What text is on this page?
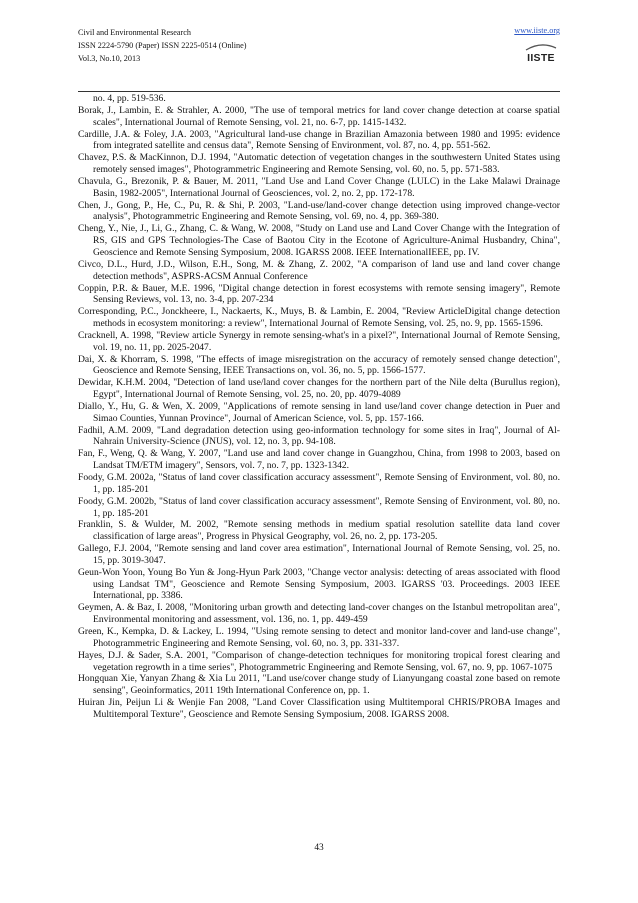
Civil and Environmental Research
ISSN 2224-5790 (Paper) ISSN 2225-0514 (Online)
Vol.3, No.10, 2013
www.iiste.org
IISTE

no. 4, pp. 519-536.

Borak, J., Lambin, E. & Strahler, A. 2000, "The use of temporal metrics for land cover change detection at coarse spatial scales", International Journal of Remote Sensing, vol. 21, no. 6-7, pp. 1415-1432.

Cardille, J.A. & Foley, J.A. 2003, "Agricultural land-use change in Brazilian Amazonia between 1980 and 1995: evidence from integrated satellite and census data", Remote Sensing of Environment, vol. 87, no. 4, pp. 551-562.

Chavez, P.S. & MacKinnon, D.J. 1994, "Automatic detection of vegetation changes in the southwestern United States using remotely sensed images", Photogrammetric Engineering and Remote Sensing, vol. 60, no. 5, pp. 571-583.

Chavula, G., Brezonik, P. & Bauer, M. 2011, "Land Use and Land Cover Change (LULC) in the Lake Malawi Drainage Basin, 1982-2005", International Journal of Geosciences, vol. 2, no. 2, pp. 172-178.

Chen, J., Gong, P., He, C., Pu, R. & Shi, P. 2003, "Land-use/land-cover change detection using improved change-vector analysis", Photogrammetric Engineering and Remote Sensing, vol. 69, no. 4, pp. 369-380.

Cheng, Y., Nie, J., Li, G., Zhang, C. & Wang, W. 2008, "Study on Land use and Land Cover Change with the Integration of RS, GIS and GPS Technologies-The Case of Baotou City in the Ecotone of Agriculture-Animal Husbandry, China", Geoscience and Remote Sensing Symposium, 2008. IGARSS 2008. IEEE InternationalIEEE, pp. IV.

Civco, D.L., Hurd, J.D., Wilson, E.H., Song, M. & Zhang, Z. 2002, "A comparison of land use and land cover change detection methods", ASPRS-ACSM Annual Conference

Coppin, P.R. & Bauer, M.E. 1996, "Digital change detection in forest ecosystems with remote sensing imagery", Remote Sensing Reviews, vol. 13, no. 3-4, pp. 207-234

Corresponding, P.C., Jonckheere, I., Nackaerts, K., Muys, B. & Lambin, E. 2004, "Review ArticleDigital change detection methods in ecosystem monitoring: a review", International Journal of Remote Sensing, vol. 25, no. 9, pp. 1565-1596.

Cracknell, A. 1998, "Review article Synergy in remote sensing-what's in a pixel?", International Journal of Remote Sensing, vol. 19, no. 11, pp. 2025-2047.

Dai, X. & Khorram, S. 1998, "The effects of image misregistration on the accuracy of remotely sensed change detection", Geoscience and Remote Sensing, IEEE Transactions on, vol. 36, no. 5, pp. 1566-1577.

Dewidar, K.H.M. 2004, "Detection of land use/land cover changes for the northern part of the Nile delta (Burullus region), Egypt", International Journal of Remote Sensing, vol. 25, no. 20, pp. 4079-4089

Diallo, Y., Hu, G. & Wen, X. 2009, "Applications of remote sensing in land use/land cover change detection in Puer and Simao Counties, Yunnan Province", Journal of American Science, vol. 5, pp. 157-166.

Fadhil, A.M. 2009, "Land degradation detection using geo-information technology for some sites in Iraq", Journal of Al-Nahrain University-Science (JNUS), vol. 12, no. 3, pp. 94-108.

Fan, F., Weng, Q. & Wang, Y. 2007, "Land use and land cover change in Guangzhou, China, from 1998 to 2003, based on Landsat TM/ETM imagery", Sensors, vol. 7, no. 7, pp. 1323-1342.

Foody, G.M. 2002a, "Status of land cover classification accuracy assessment", Remote Sensing of Environment, vol. 80, no. 1, pp. 185-201

Foody, G.M. 2002b, "Status of land cover classification accuracy assessment", Remote Sensing of Environment, vol. 80, no. 1, pp. 185-201

Franklin, S. & Wulder, M. 2002, "Remote sensing methods in medium spatial resolution satellite data land cover classification of large areas", Progress in Physical Geography, vol. 26, no. 2, pp. 173-205.

Gallego, F.J. 2004, "Remote sensing and land cover area estimation", International Journal of Remote Sensing, vol. 25, no. 15, pp. 3019-3047.

Geun-Won Yoon, Young Bo Yun & Jong-Hyun Park 2003, "Change vector analysis: detecting of areas associated with flood using Landsat TM", Geoscience and Remote Sensing Symposium, 2003. IGARSS '03. Proceedings. 2003 IEEE International, pp. 3386.

Geymen, A. & Baz, I. 2008, "Monitoring urban growth and detecting land-cover changes on the Istanbul metropolitan area", Environmental monitoring and assessment, vol. 136, no. 1, pp. 449-459

Green, K., Kempka, D. & Lackey, L. 1994, "Using remote sensing to detect and monitor land-cover and land-use change", Photogrammetric Engineering and Remote Sensing, vol. 60, no. 3, pp. 331-337.

Hayes, D.J. & Sader, S.A. 2001, "Comparison of change-detection techniques for monitoring tropical forest clearing and vegetation regrowth in a time series", Photogrammetric Engineering and Remote Sensing, vol. 67, no. 9, pp. 1067-1075

Hongquan Xie, Yanyan Zhang & Xia Lu 2011, "Land use/cover change study of Lianyungang coastal zone based on remote sensing", Geoinformatics, 2011 19th International Conference on, pp. 1.

Huiran Jin, Peijun Li & Wenjie Fan 2008, "Land Cover Classification using Multitemporal CHRIS/PROBA Images and Multitemporal Texture", Geoscience and Remote Sensing Symposium, 2008. IGARSS 2008.

43
